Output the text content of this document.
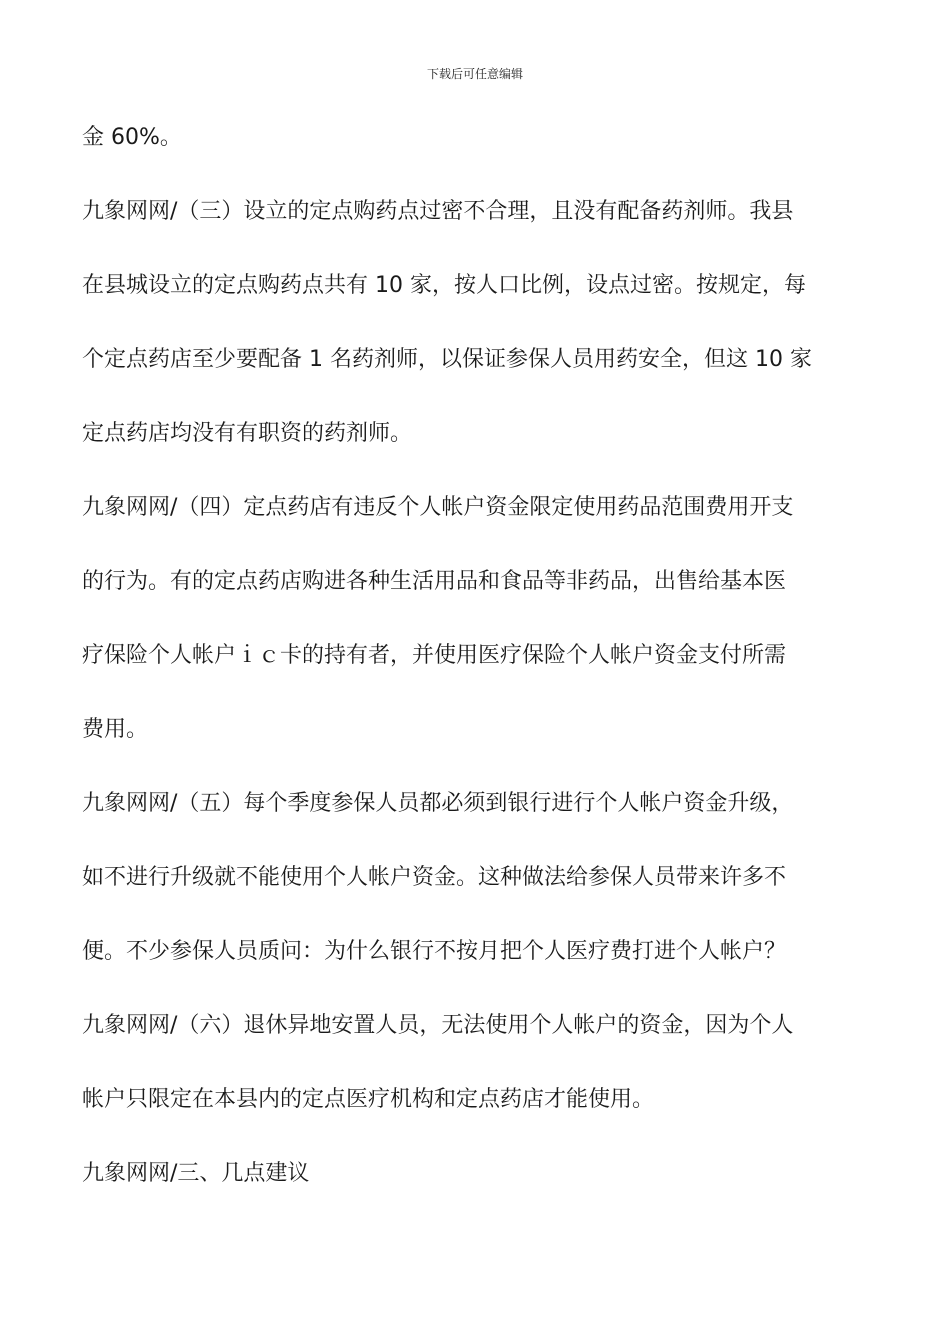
下载后可任意编辑
金 60%。
九象网网/（三）设立的定点购药点过密不合理，且没有配备药剂师。我县
在县城设立的定点购药点共有 10 家，按人口比例，设点过密。按规定，每
个定点药店至少要配备 1 名药剂师，以保证参保人员用药安全，但这 10 家
定点药店均没有有职资的药剂师。
九象网网/（四）定点药店有违反个人帐户资金限定使用药品范围费用开支
的行为。有的定点药店购进各种生活用品和食品等非药品，出售给基本医
疗保险个人帐户ｉｃ卡的持有者，并使用医疗保险个人帐户资金支付所需
费用。
九象网网/（五）每个季度参保人员都必须到银行进行个人帐户资金升级，
如不进行升级就不能使用个人帐户资金。这种做法给参保人员带来许多不
便。不少参保人员质问：为什么银行不按月把个人医疗费打进个人帐户？
九象网网/（六）退休异地安置人员，无法使用个人帐户的资金，因为个人
帐户只限定在本县内的定点医疗机构和定点药店才能使用。
九象网网/三、几点建议
